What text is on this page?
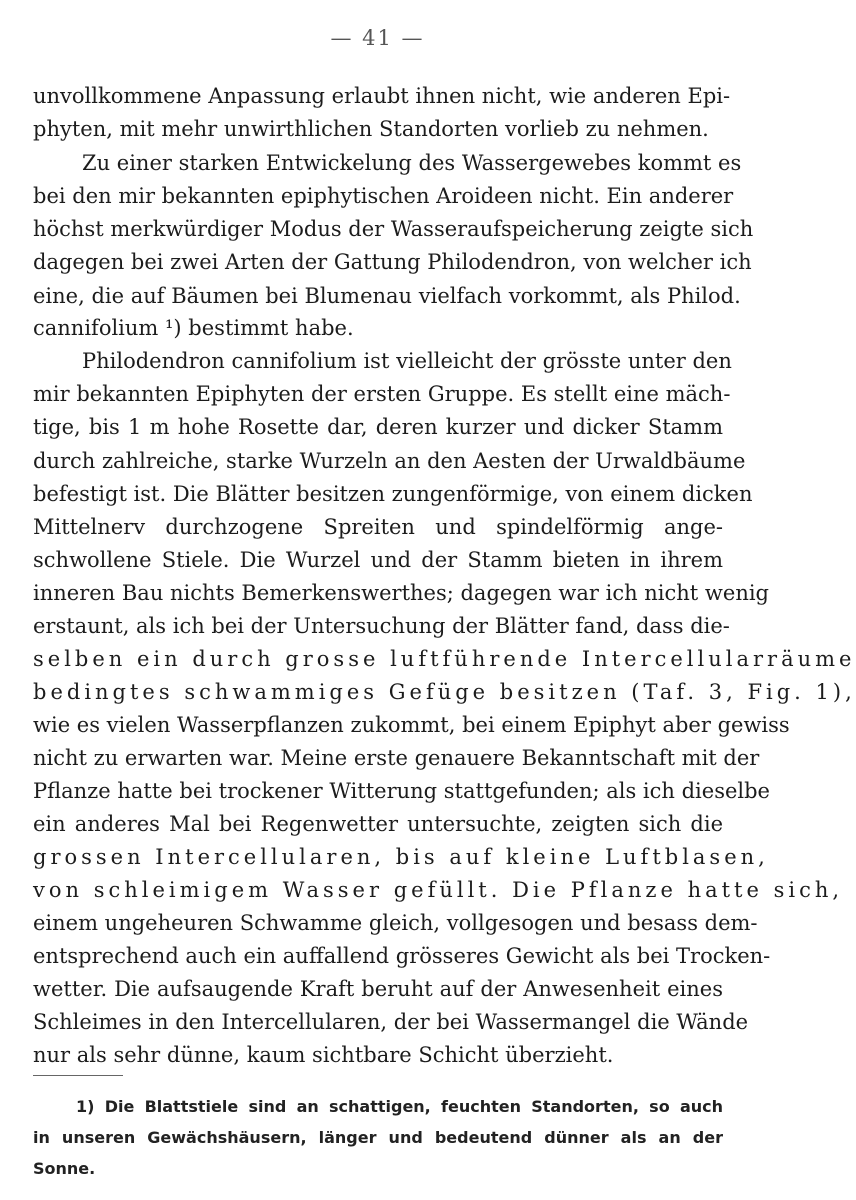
— 41 —
unvollkommene Anpassung erlaubt ihnen nicht, wie anderen Epi-
phyten, mit mehr unwirthlichen Standorten vorlieb zu nehmen.
Zu einer starken Entwickelung des Wassergewebes kommt es
bei den mir bekannten epiphytischen Aroideen nicht. Ein anderer
höchst merkwürdiger Modus der Wasseraufspeicherung zeigte sich
dagegen bei zwei Arten der Gattung Philodendron, von welcher ich
eine, die auf Bäumen bei Blumenau vielfach vorkommt, als Philod.
cannifolium ¹) bestimmt habe.
Philodendron cannifolium ist vielleicht der grösste unter den
mir bekannten Epiphyten der ersten Gruppe. Es stellt eine mäch-
tige, bis 1 m hohe Rosette dar, deren kurzer und dicker Stamm
durch zahlreiche, starke Wurzeln an den Aesten der Urwaldbäume
befestigt ist. Die Blätter besitzen zungenförmige, von einem dicken
Mittelnerv durchzogene Spreiten und spindelförmig ange-
schwollene Stiele. Die Wurzel und der Stamm bieten in ihrem
inneren Bau nichts Bemerkenswerthes; dagegen war ich nicht wenig
erstaunt, als ich bei der Untersuchung der Blätter fand, dass die-
selben ein durch grosse luftführende Intercellularräume
bedingtes schwammiges Gefüge besitzen (Taf. 3, Fig. 1),
wie es vielen Wasserpflanzen zukommt, bei einem Epiphyt aber gewiss
nicht zu erwarten war. Meine erste genauere Bekanntschaft mit der
Pflanze hatte bei trockener Witterung stattgefunden; als ich dieselbe
ein anderes Mal bei Regenwetter untersuchte, zeigten sich die
grossen Intercellularen, bis auf kleine Luftblasen,
von schleimigem Wasser gefüllt. Die Pflanze hatte sich,
einem ungeheuren Schwamme gleich, vollgesogen und besass dem-
entsprechend auch ein auffallend grösseres Gewicht als bei Trocken-
wetter. Die aufsaugende Kraft beruht auf der Anwesenheit eines
Schleimes in den Intercellularen, der bei Wassermangel die Wände
nur als sehr dünne, kaum sichtbare Schicht überzieht.
1) Die Blattstiele sind an schattigen, feuchten Standorten, so auch
in unseren Gewächshäusern, länger und bedeutend dünner als an der
Sonne.
